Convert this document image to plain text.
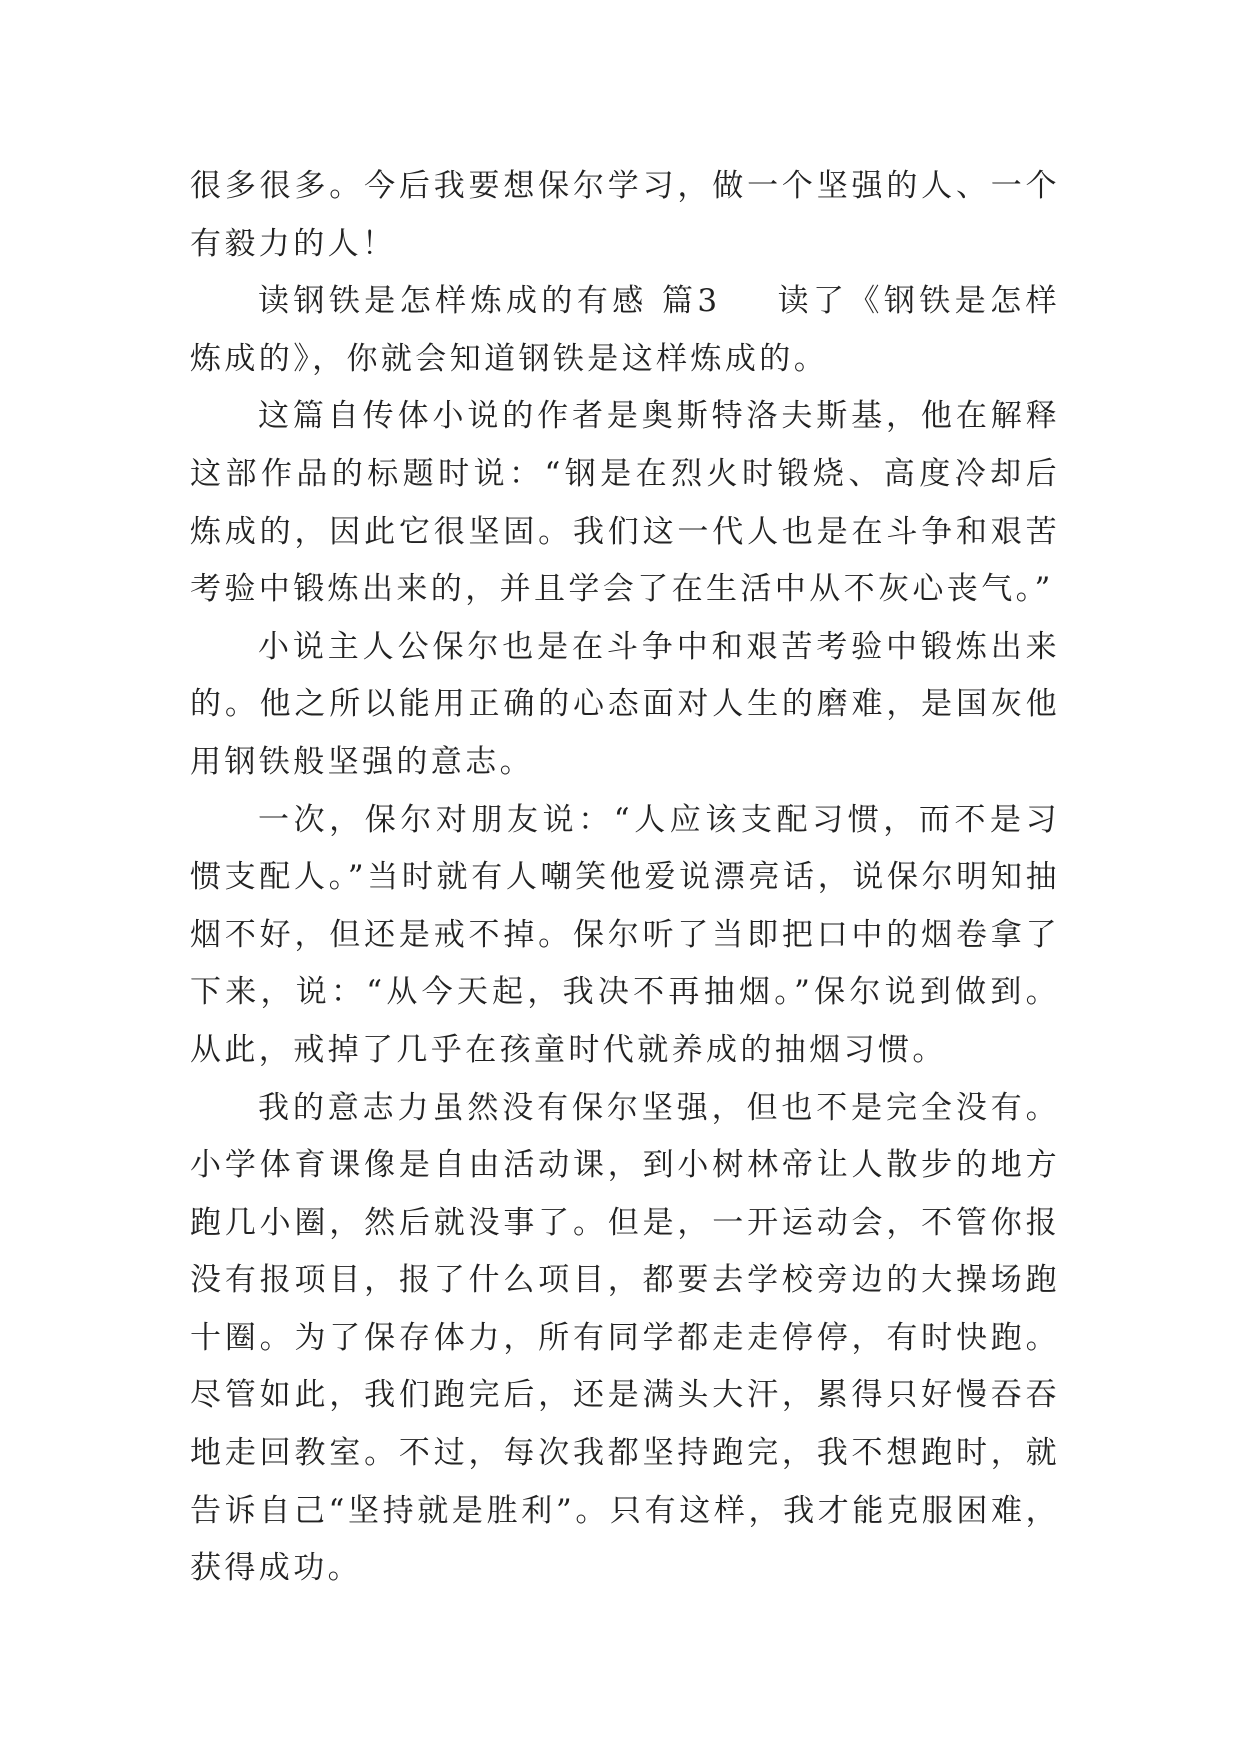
很多很多。今后我要想保尔学习，做一个坚强的人、一个有毅力的人！

读钢铁是怎样炼成的有感 篇3 读了《钢铁是怎样炼成的》，你就会知道钢铁是这样炼成的。

这篇自传体小说的作者是奥斯特洛夫斯基，他在解释这部作品的标题时说：“钢是在烈火时锻烧、高度冷却后炼成的，因此它很坚固。我们这一代人也是在斗争和艰苦考验中锻炼出来的，并且学会了在生活中从不灰心丧气。”

小说主人公保尔也是在斗争中和艰苦考验中锻炼出来的。他之所以能用正确的心态面对人生的磨难，是国灰他用钢铁般坚强的意志。

一次，保尔对朋友说：“人应该支配习惯，而不是习惯支配人。”当时就有人嘲笑他爱说漂亮话，说保尔明知抽烟不好，但还是戒不掉。保尔听了当即把口中的烟卷拿了下来，说：“从今天起，我决不再抽烟。”保尔说到做到。从此，戒掉了几乎在孩童时代就养成的抽烟习惯。

我的意志力虽然没有保尔坚强，但也不是完全没有。小学体育课像是自由活动课，到小树林帝让人散步的地方跑几小圈，然后就没事了。但是，一开运动会，不管你报没有报项目，报了什么项目，都要去学校旁边的大操场跑十圈。为了保存体力，所有同学都走走停停，有时快跑。尽管如此，我们跑完后，还是满头大汗，累得只好慢吞吞地走回教室。不过，每次我都坚持跑完，我不想跑时，就告诉自己“坚持就是胜利”。只有这样，我才能克服困难，获得成功。
